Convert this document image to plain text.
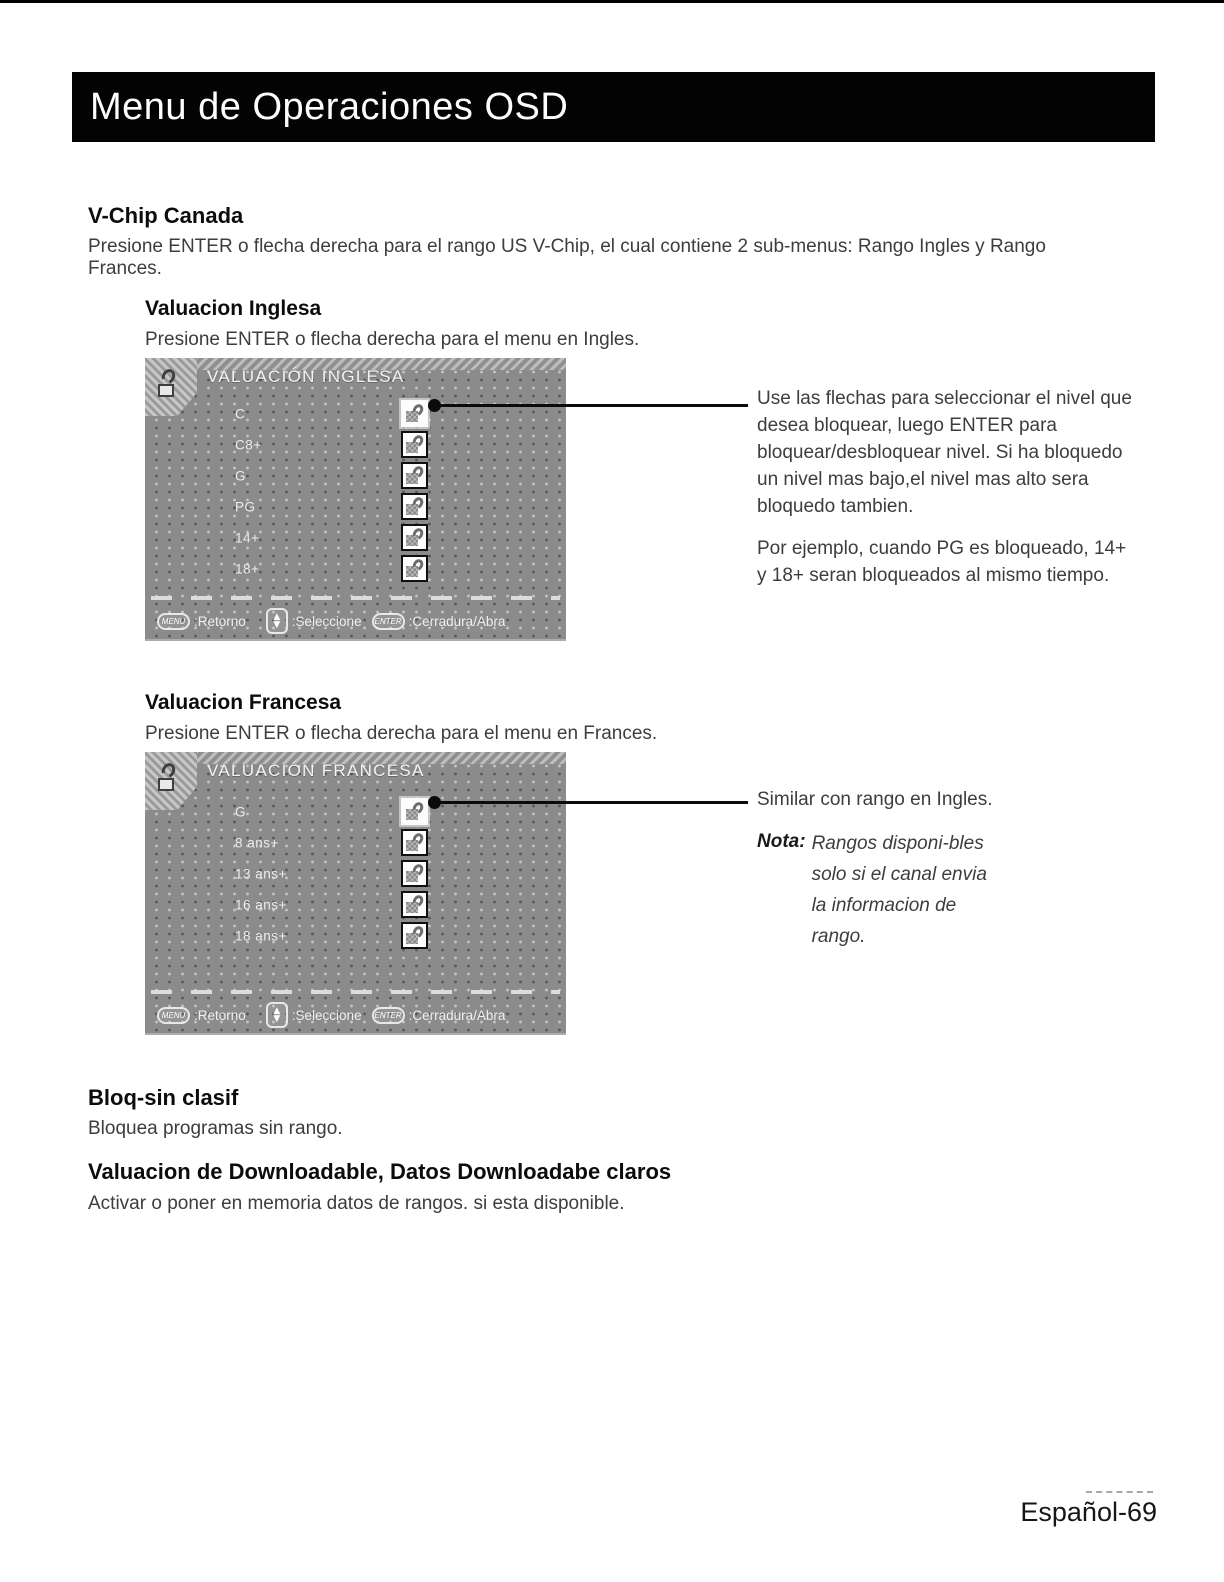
Menu de Operaciones OSD
V-Chip Canada

Presione ENTER o flecha derecha para el rango US V-Chip, el cual contiene 2 sub-menus: Rango Ingles y Rango Frances.

Valuacion Inglesa

Presione ENTER o flecha derecha para el menu en Ingles.

VALUACIÓN INGLESA
C
C8+
G
PG
14+
18+
MENU :Retorno	▲
▼ :Seleccione ENTER :Cerradura/Abra

Use las flechas para seleccionar el nivel que desea bloquear, luego ENTER para bloquear/desbloquear nivel. Si ha bloquedo un nivel mas bajo,el nivel mas alto sera bloquedo tambien.

Por ejemplo, cuando PG es bloqueado, 14+ y 18+ seran bloqueados al mismo tiempo.

Valuacion Francesa

Presione ENTER o flecha derecha para el menu en Frances.

VALUACIÓN FRANCESA
G
8 ans+
13 ans+
16 ans+
18 ans+
MENU :Retorno	▲
▼ :Seleccione ENTER :Cerradura/Abra

Similar con rango en Ingles.

Nota: Rangos disponi-bles solo si el canal envia la informacion de rango.
Bloq-sin clasif

Bloquea programas sin rango.

Valuacion de Downloadable, Datos Downloadabe claros

Activar o poner en memoria datos de rangos. si esta disponible.

Español-69
